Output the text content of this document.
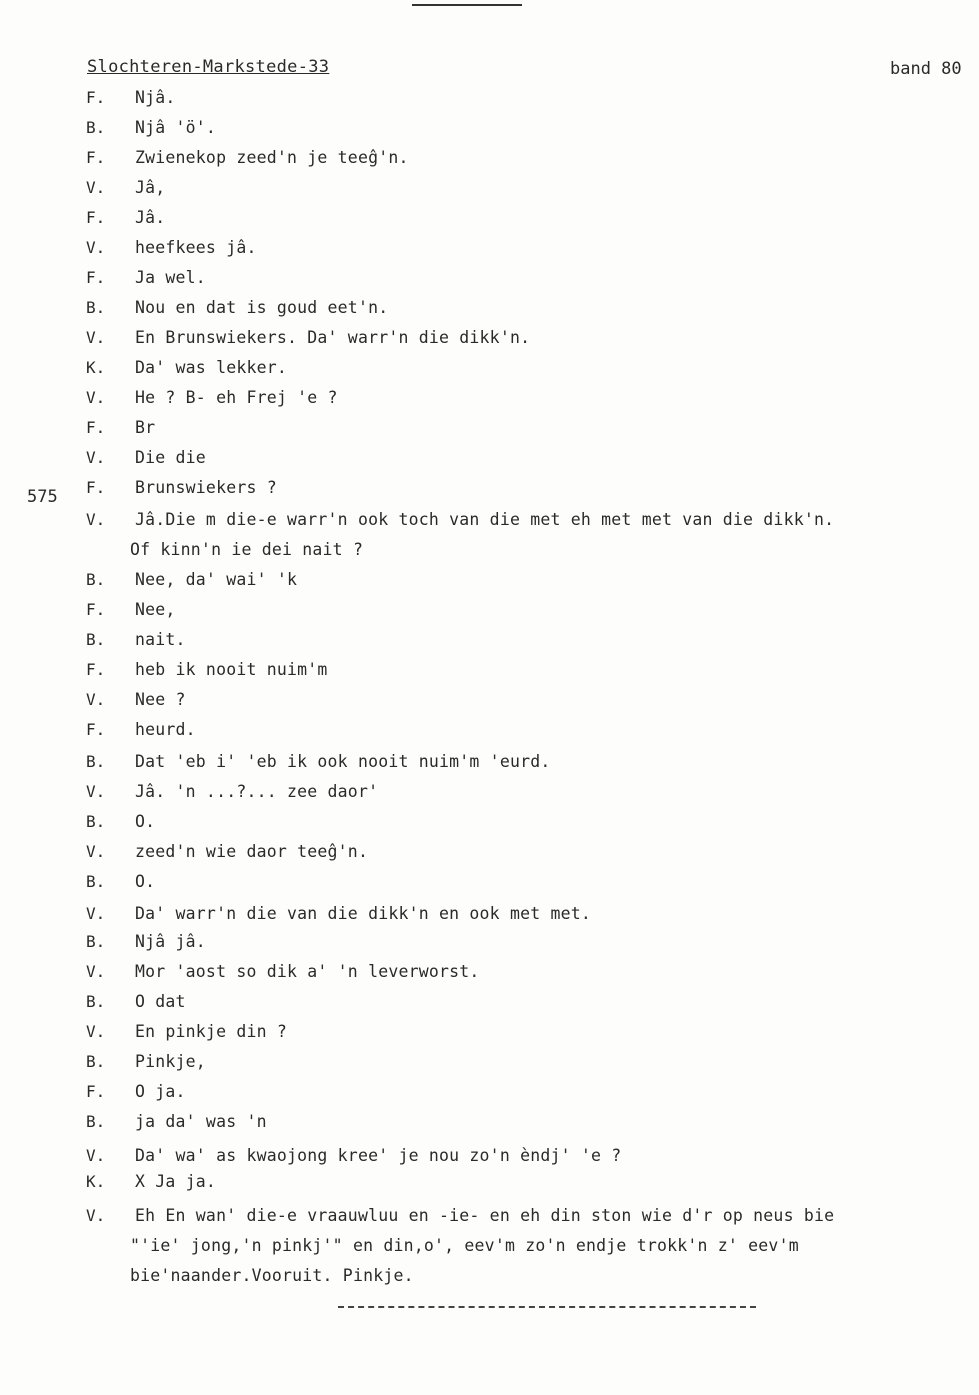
Slochteren-Markstede-33	band 80
575
F. Njâ.
B. Njâ 'ö'.
F. Zwienekop zeed'n je teeĝ'n.
V. Jâ,
F. Jâ.
V. heefkees jâ.
F. Ja wel.
B. Nou en dat is goud eet'n.
V. En Brunswiekers. Da' warr'n die dikk'n.
K. Da' was lekker.
V. He ? B- eh Frej 'e ?
F. Br
V. Die die
F. Brunswiekers ?
V. Jâ.Die m die-e warr'n ook toch van die met eh met met van die dikk'n.
Of kinn'n ie dei nait ?
B. Nee, da' wai' 'k
F. Nee,
B. nait.
F. heb ik nooit nuim'm
V. Nee ?
F. heurd.
B. Dat 'eb i' 'eb ik ook nooit nuim'm 'eurd.
V. Jâ. 'n ...?... zee daor'
B. O.
V. zeed'n wie daor teeĝ'n.
B. O.
V. Da' warr'n die van die dikk'n en ook met met.
B. Njâ jâ.
V. Mor 'aost so dik a' 'n leverworst.
B. O dat
V. En pinkje din ?
B. Pinkje,
F. O ja.
B. ja da' was 'n
V. Da' wa' as kwaojong kree' je nou zo'n èndj' 'e ?
K. X Ja ja.
V. Eh En wan' die-e vraauwluu en -ie- en eh din ston wie d'r op neus bie
"'ie' jong,'n pinkj'" en din,o', eev'm zo'n endje trokk'n z' eev'm
bie'naander.Vooruit. Pinkje.
